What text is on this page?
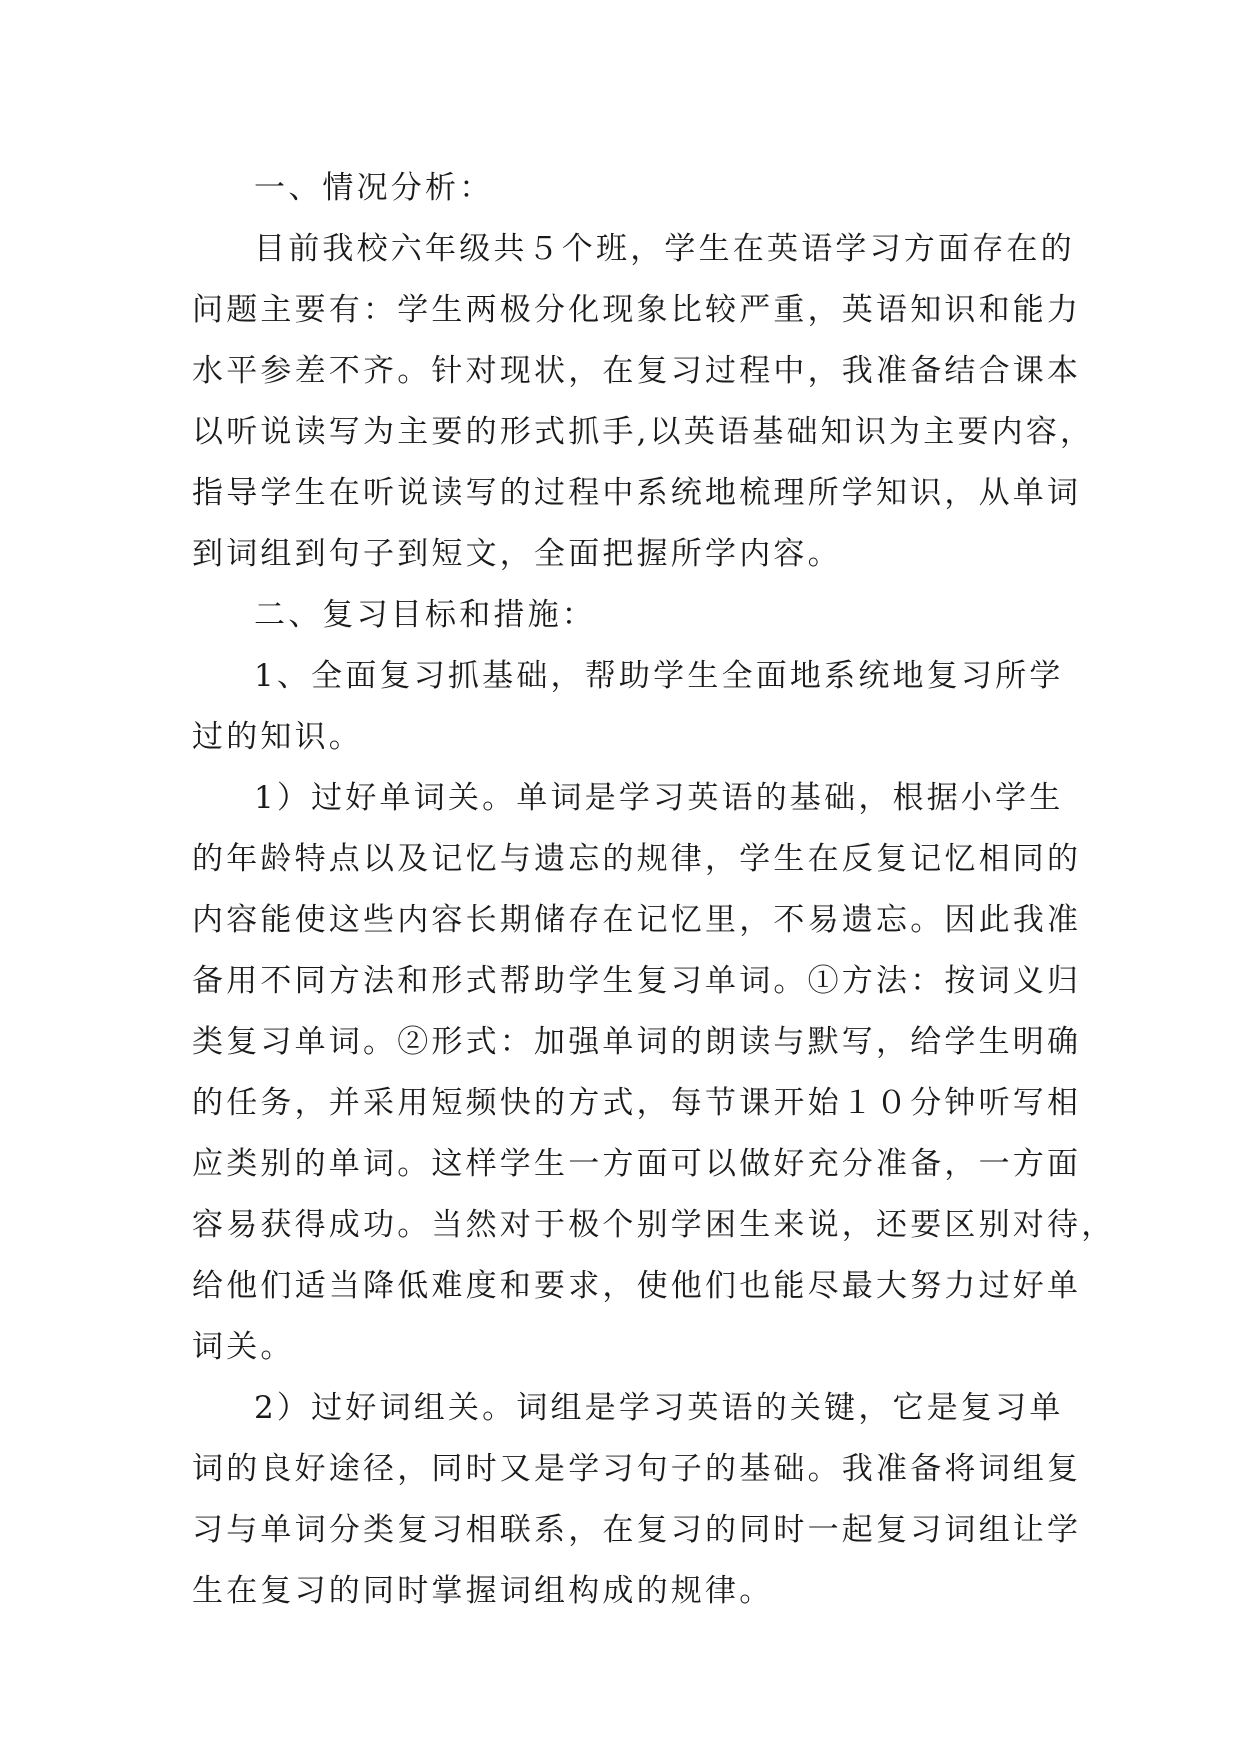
一、情况分析：
目前我校六年级共５个班，学生在英语学习方面存在的
问题主要有：学生两极分化现象比较严重，英语知识和能力
水平参差不齐。针对现状，在复习过程中，我准备结合课本
以听说读写为主要的形式抓手,以英语基础知识为主要内容，
指导学生在听说读写的过程中系统地梳理所学知识，从单词
到词组到句子到短文，全面把握所学内容。
二、复习目标和措施：
1、全面复习抓基础，帮助学生全面地系统地复习所学
过的知识。
1）过好单词关。单词是学习英语的基础，根据小学生
的年龄特点以及记忆与遗忘的规律，学生在反复记忆相同的
内容能使这些内容长期储存在记忆里，不易遗忘。因此我准
备用不同方法和形式帮助学生复习单词。①方法：按词义归
类复习单词。②形式：加强单词的朗读与默写，给学生明确
的任务，并采用短频快的方式，每节课开始１０分钟听写相
应类别的单词。这样学生一方面可以做好充分准备，一方面
容易获得成功。当然对于极个别学困生来说，还要区别对待，
给他们适当降低难度和要求，使他们也能尽最大努力过好单
词关。
2）过好词组关。词组是学习英语的关键，它是复习单
词的良好途径，同时又是学习句子的基础。我准备将词组复
习与单词分类复习相联系，在复习的同时一起复习词组让学
生在复习的同时掌握词组构成的规律。
